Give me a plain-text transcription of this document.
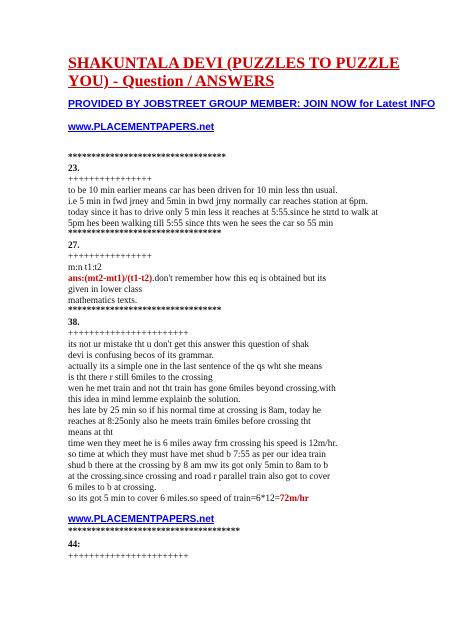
SHAKUNTALA DEVI (PUZZLES TO PUZZLE YOU) - Question / ANSWERS
PROVIDED BY JOBSTREET GROUP MEMBER: JOIN NOW for Latest INFO
www.PLACEMENTPAPERS.net
**********************************
23.
++++++++++++++++
to be 10 min earlier means car has been driven for 10 min less thn usual.
i.e 5 min in fwd jrney and 5min in bwd jrny normally car reaches station at 6pm.
today since it has to drive only 5 min less it reaches at 5:55.since he strtd to walk at
5pm hes been walking till 5:55 since thts wen he sees the car so 55 min
*********************************
27.
++++++++++++++++
m:n t1:t2
ans:(mt2-mt1)/(t1-t2).don't remember how this eq is obtained but its
given in lower class
mathematics texts.
*********************************
38.
+++++++++++++++++++++++
its not ur mistake tht u don't get this answer this question of shak
devi is confusing becos of its grammar.
actually its a simple one in the last sentence of the qs wht she means
is tht there r still 6miles to the crossing
wen he met train and not tht train has gone 6miles beyond crossing.with
this idea in mind lemme explainb the solution.
hes late by 25 min so if his normal time at crossing is 8am, today he
reaches at 8:25only also he meets train 6miles before crossing tht
means at tht
time wen they meet he is 6 miles away frm crossing his speed is 12m/hr.
so time at which they must have met shud b 7:55 as per our idea train
shud b there at the crossing by 8 am mw its got only 5min to 8am to b
at the crossing.since crossing and road r parallel train also got to cover
6 miles to b at crossing.
so its got 5 min to cover 6 miles.so speed of train=6*12=72m/hr
www.PLACEMENTPAPERS.net
*************************************
44:
+++++++++++++++++++++++
